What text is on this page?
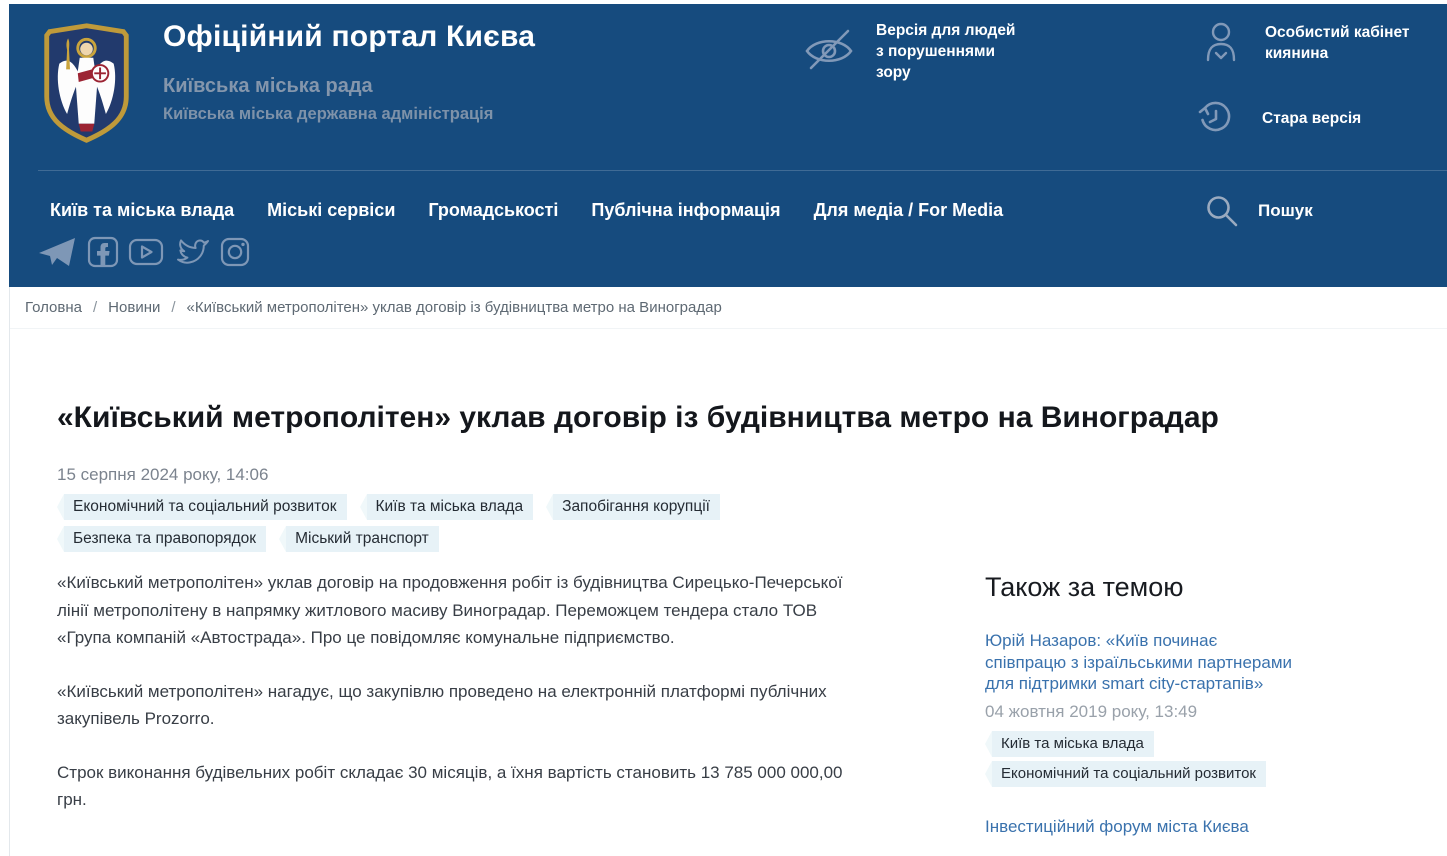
Офіційний портал Києва
Київська міська рада
Київська міська державна адміністрація
Версія для людей з порушеннями зору
Особистий кабінет киянина
Стара версія
Київ та міська влада Міські сервіси Громадськості Публічна інформація Для медіа / For Media	Пошук
Головна / Новини / «Київський метрополітен» уклав договір із будівництва метро на Виноградар
«Київський метрополітен» уклав договір із будівництва метро на Виноградар
15 серпня 2024 року, 14:06
Економічний та соціальний розвиток	Київ та міська влада	Запобігання корупції
Безпека та правопорядок	Міський транспорт

«Київський метрополітен» уклав договір на продовження робіт із будівництва Сирецько-Печерської лінії метрополітену в напрямку житлового масиву Виноградар. Переможцем тендера стало ТОВ «Група компаній «Автострада». Про це повідомляє комунальне підприємство.

«Київський метрополітен» нагадує, що закупівлю проведено на електронній платформі публічних закупівель Prozorro.

Строк виконання будівельних робіт складає 30 місяців, а їхня вартість становить 13 785 000 000,00 грн.

Також за темою
Юрій Назаров: «Київ починає співпрацю з ізраїльськими партнерами для підтримки smart city-стартапів»
04 жовтня 2019 року, 13:49
Київ та міська влада
Економічний та соціальний розвиток
Інвестиційний форум міста Києва
